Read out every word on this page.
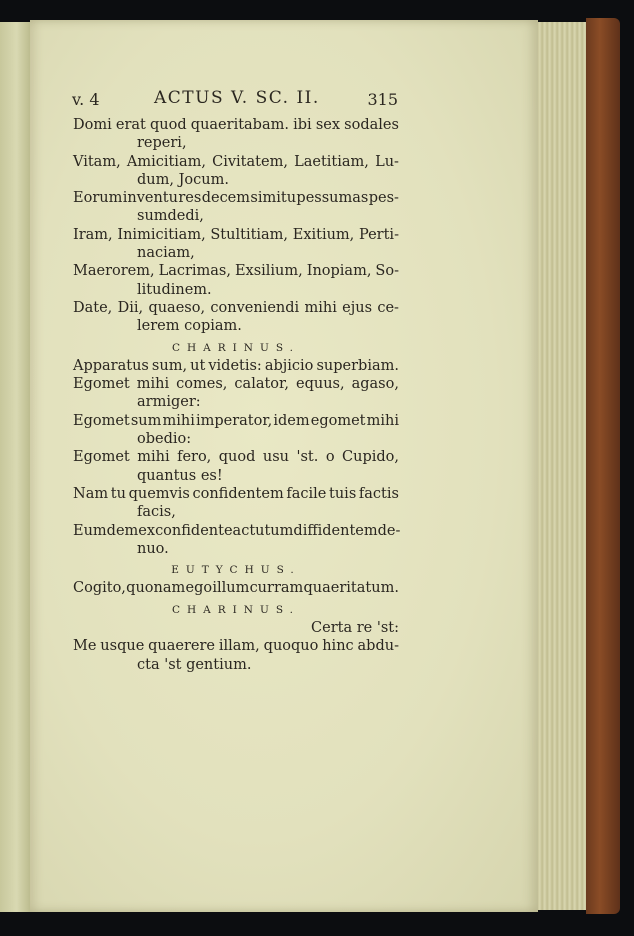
v. 4	ACTUS V. SC. II.	315
Domi erat quod quaeritabam. ibi sex sodales
reperi,
Vitam, Amicitiam, Civitatem, Laetitiam, Lu-
dum, Jocum.
Eorum inventu res decem simitu pessumas pes-
sumdedi,
Iram, Inimicitiam, Stultitiam, Exitium, Perti-
naciam,
Maerorem, Lacrimas, Exsilium, Inopiam, So-
litudinem.
Date, Dii, quaeso, conveniendi mihi ejus ce-
lerem copiam.
CHARINUS.
Apparatus sum, ut videtis: abjicio superbiam.
Egomet mihi comes, calator, equus, agaso,
armiger:
Egomet sum mihi imperator, idem egomet mihi
obedio:
Egomet mihi fero, quod usu 'st. o Cupido,
quantus es!
Nam tu quemvis confidentem facile tuis factis
facis,
Eumdem ex confidente actutum diffidentem de-
nuo.
EUTYCHUS.
Cogito, quonam ego illum curram quaeritatum.
CHARINUS.
Certa re 'st:
Me usque quaerere illam, quoquo hinc abdu-
cta 'st gentium.
